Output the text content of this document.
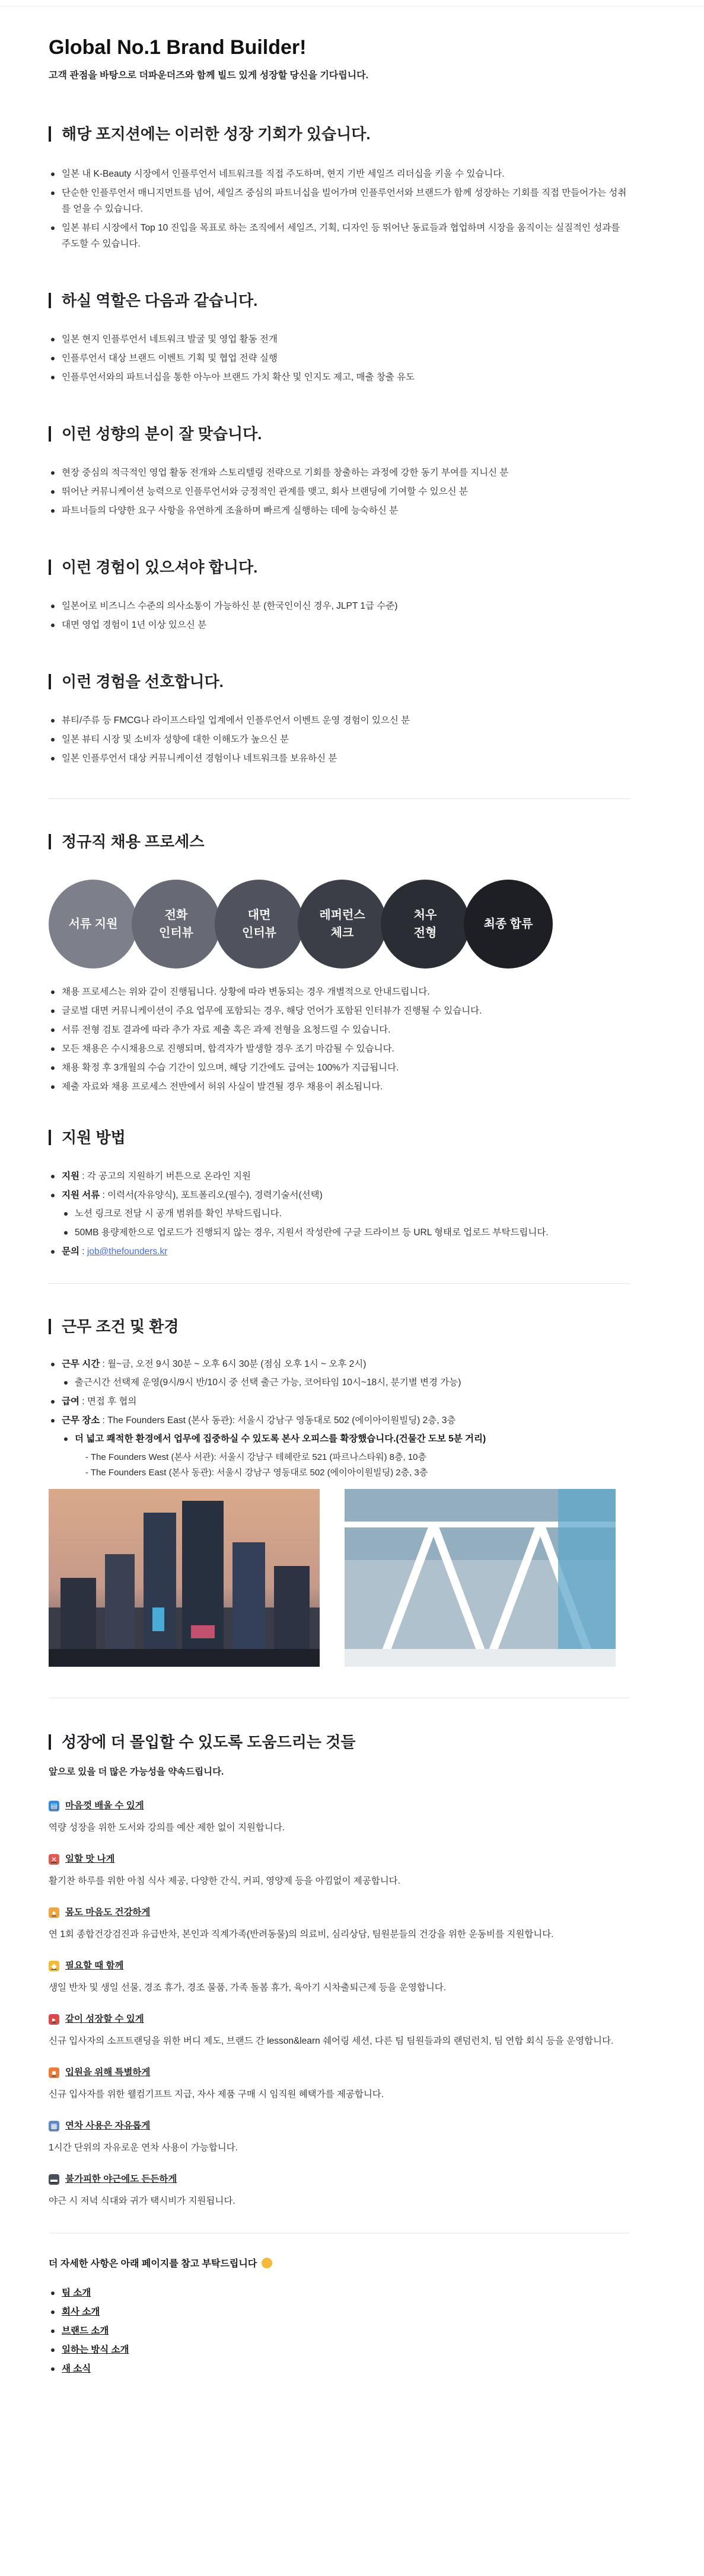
Global No.1 Brand Builder!
고객 관점을 바탕으로 더파운더즈와 함께 빌드 있게 성장할 당신을 기다립니다.
해당 포지션에는 이러한 성장 기회가 있습니다.
일본 내 K-Beauty 시장에서 인플루언서 네트워크를 직접 주도하며, 현지 기반 세일즈 리더십을 키울 수 있습니다.
단순한 인플루언서 매니지먼트를 넘어, 세일즈 중심의 파트너십을 빌어가며 인플루언서와 브랜드가 함께 성장하는 기회를 직접 만들어가는 성취를 얻을 수 있습니다.
일본 뷰티 시장에서 Top 10 진입을 목표로 하는 조직에서 세일즈, 기획, 디자인 등 뛰어난 동료들과 협업하며 시장을 움직이는 실질적인 성과를 주도할 수 있습니다.
하실 역할은 다음과 같습니다.
일본 현지 인플루언서 네트워크 발굴 및 영업 활동 전개
인플루언서 대상 브랜드 이벤트 기획 및 협업 전략 실행
인플루언서와의 파트너십을 통한 아누아 브랜드 가치 확산 및 인지도 제고, 매출 창출 유도
이런 성향의 분이 잘 맞습니다.
현장 중심의 적극적인 영업 활동 전개와 스토리텔링 전략으로 기회를 창출하는 과정에 강한 동기 부여를 지니신 분
뛰어난 커뮤니케이션 능력으로 인플루언서와 긍정적인 관계를 맺고, 회사 브랜딩에 기여할 수 있으신 분
파트너들의 다양한 요구 사항을 유연하게 조율하며 빠르게 실행하는 데에 능숙하신 분
이런 경험이 있으셔야 합니다.
일본어로 비즈니스 수준의 의사소통이 가능하신 분 (한국인이신 경우, JLPT 1급 수준)
대면 영업 경험이 1년 이상 있으신 분
이런 경험을 선호합니다.
뷰티/주류 등 FMCG나 라이프스타일 업계에서 인플루언서 이벤트 운영 경험이 있으신 분
일본 뷰티 시장 및 소비자 성향에 대한 이해도가 높으신 분
일본 인플루언서 대상 커뮤니케이션 경험이나 네트워크를 보유하신 분
정규직 채용 프로세스
서류 지원
전화
인터뷰
대면
인터뷰
레퍼런스
체크
처우
전형
최종 합류
채용 프로세스는 위와 같이 진행됩니다. 상황에 따라 변동되는 경우 개별적으로 안내드립니다.
글로벌 대면 커뮤니케이션이 주요 업무에 포함되는 경우, 해당 언어가 포함된 인터뷰가 진행될 수 있습니다.
서류 전형 검토 결과에 따라 추가 자료 제출 혹은 과제 전형을 요청드릴 수 있습니다.
모든 채용은 수시채용으로 진행되며, 합격자가 발생할 경우 조기 마감될 수 있습니다.
채용 확정 후 3개월의 수습 기간이 있으며, 해당 기간에도 급여는 100%가 지급됩니다.
제출 자료와 채용 프로세스 전반에서 허위 사실이 발견될 경우 채용이 취소됩니다.
지원 방법
지원 : 각 공고의 지원하기 버튼으로 온라인 지원
지원 서류 : 이력서(자유양식), 포트폴리오(필수), 경력기술서(선택)
노션 링크로 전달 시 공개 범위를 확인 부탁드립니다.
50MB 용량제한으로 업로드가 진행되지 않는 경우, 지원서 작성란에 구글 드라이브 등 URL 형태로 업로드 부탁드립니다.
문의 : job@thefounders.kr
근무 조건 및 환경
근무 시간 : 월~금, 오전 9시 30분 ~ 오후 6시 30분 (점심 오후 1시 ~ 오후 2시)
출근시간 선택제 운영(9시/9시 반/10시 중 선택 출근 가능, 코어타임 10시~18시, 분기별 변경 가능)
급여 : 면접 후 협의
근무 장소 : The Founders East (본사 동관): 서울시 강남구 영동대로 502 (에이아이원빌딩) 2층, 3층
더 넓고 쾌적한 환경에서 업무에 집중하실 수 있도록 본사 오피스를 확장했습니다.(건물간 도보 5분 거리)
- The Founders West (본사 서관): 서울시 강남구 테헤란로 521 (파르나스타워) 8층, 10층
- The Founders East (본사 동관): 서울시 강남구 영동대로 502 (에이아이원빌딩) 2층, 3층
성장에 더 몰입할 수 있도록 도움드리는 것들
앞으로 있을 더 많은 가능성을 약속드립니다.
▤ 마음껏 배울 수 있게
역량 성장을 위한 도서와 강의를 예산 제한 없이 지원합니다.
✕ 일할 맛 나게
활기찬 하루를 위한 아침 식사 제공, 다양한 간식, 커피, 영양제 등을 아낌없이 제공합니다.
● 몸도 마음도 건강하게
연 1회 종합건강검진과 유급반차, 본인과 직계가족(반려동물)의 의료비, 심리상담, 팀원분들의 건강을 위한 운동비를 지원합니다.
◆ 필요할 때 함께
생일 반차 및 생일 선물, 경조 휴가, 경조 물품, 가족 돌봄 휴가, 육아기 시차출퇴근제 등을 운영합니다.
▸	같이 성장할 수 있게
신규 입사자의 소프트랜딩을 위한 버디 제도, 브랜드 간 lesson&learn 쉐어링 세션, 다른 팀 팀원들과의 랜덤런치, 팀 연합 회식 등을 운영합니다.
■ 입원을 위해 특별하게
신규 입사자를 위한 웰컴기프트 지급, 자사 제품 구매 시 임직원 혜택가를 제공합니다.
▦ 연차 사용은 자유롭게
1시간 단위의 자유로운 연차 사용이 가능합니다.
▬ 불가피한 야근에도 든든하게
야근 시 저녁 식대와 귀가 택시비가 지원됩니다.
더 자세한 사항은 아래 페이지를 참고 부탁드립니다
팀 소개
회사 소개
브랜드 소개
일하는 방식 소개
새 소식
